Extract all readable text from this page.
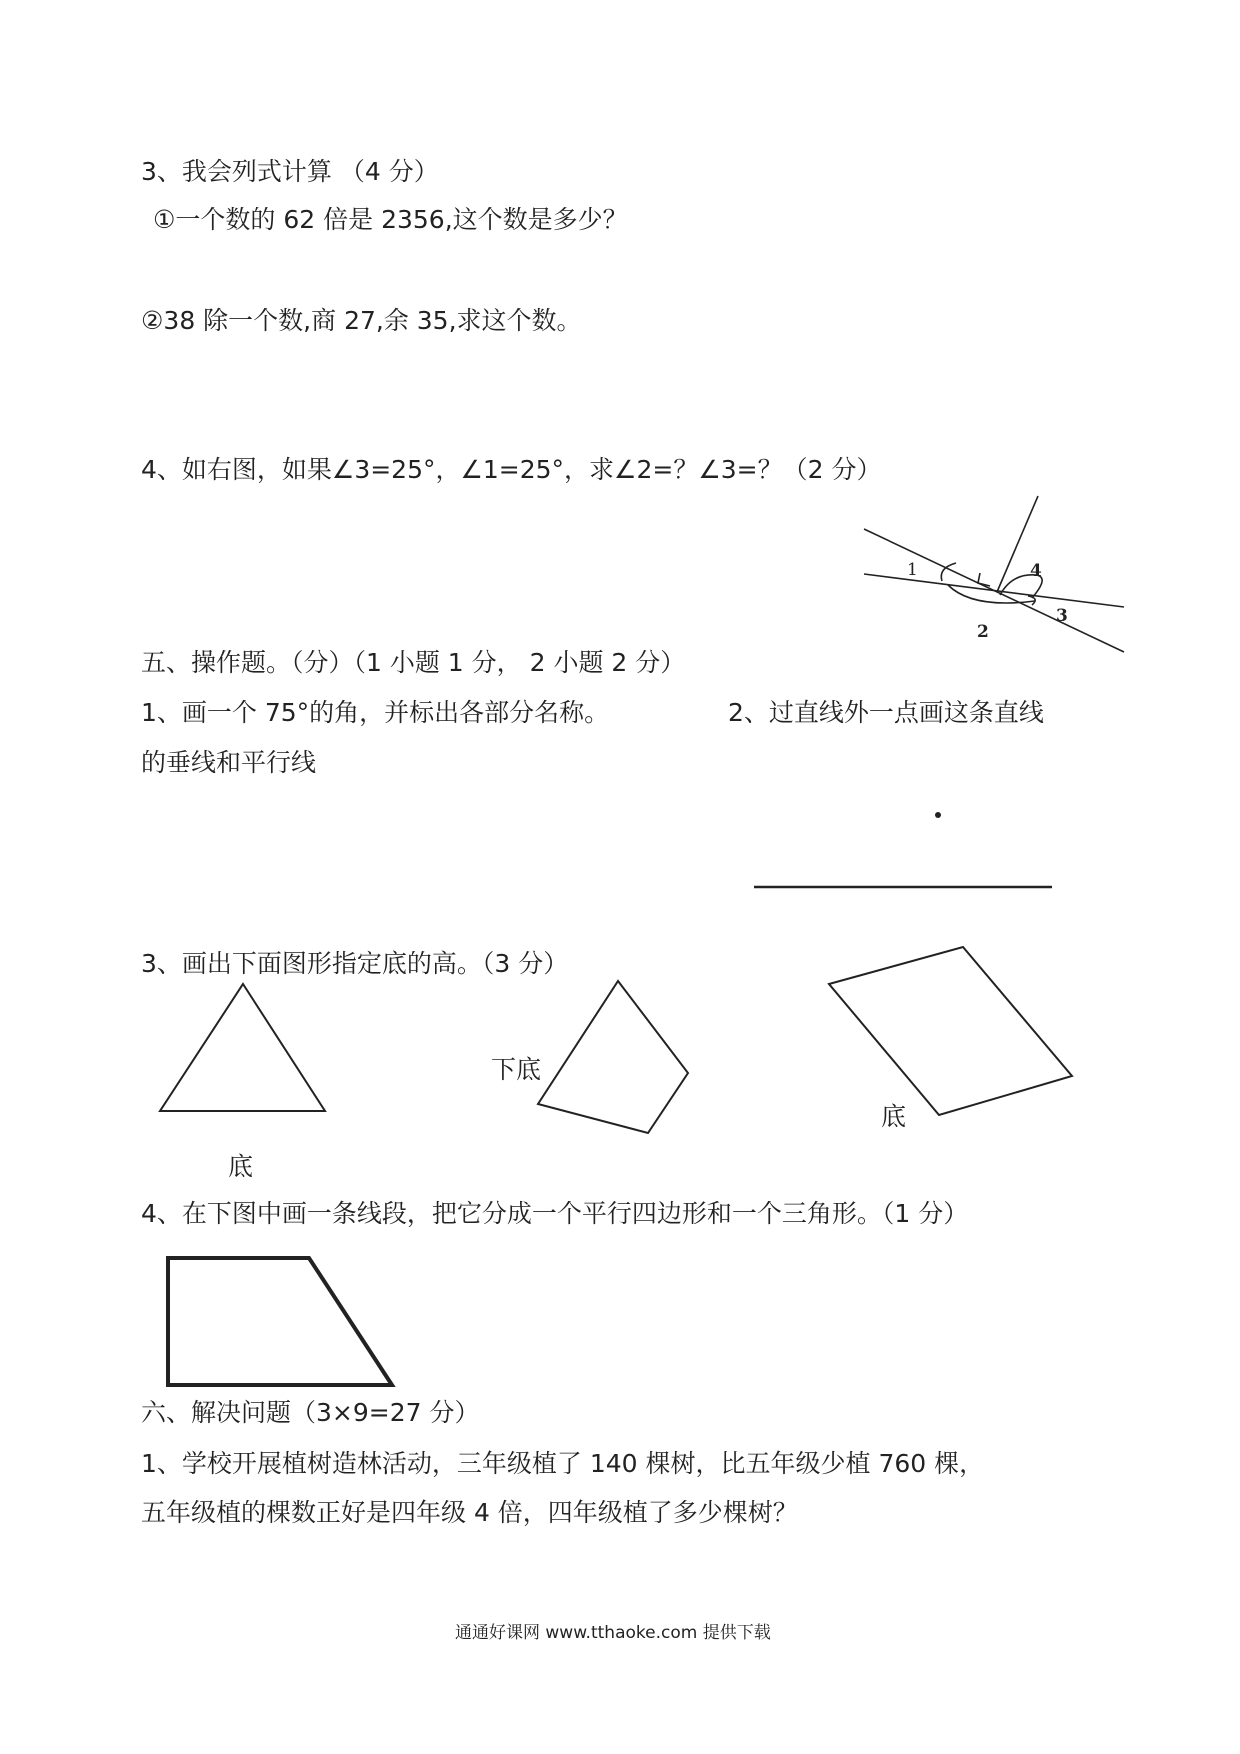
3、我会列式计算 （4 分）
①一个数的 62 倍是 2356,这个数是多少？
②38 除一个数,商 27,余 35,求这个数。
4、如右图，如果∠3=25°，∠1=25°，求∠2=？∠3=？（2 分）
1	4
3
2
五、操作题。（分）（1 小题 1 分， 2 小题 2 分）
1、画一个 75°的角，并标出各部分名称。	2、过直线外一点画这条直线
的垂线和平行线
3、画出下面图形指定底的高。（3 分）
底
下底
底
4、在下图中画一条线段，把它分成一个平行四边形和一个三角形。（1 分）
六、解决问题（3×9=27 分）
1、学校开展植树造林活动，三年级植了 140 棵树，比五年级少植 760 棵，
五年级植的棵数正好是四年级 4 倍，四年级植了多少棵树？
通通好课网 www.tthaoke.com 提供下载
